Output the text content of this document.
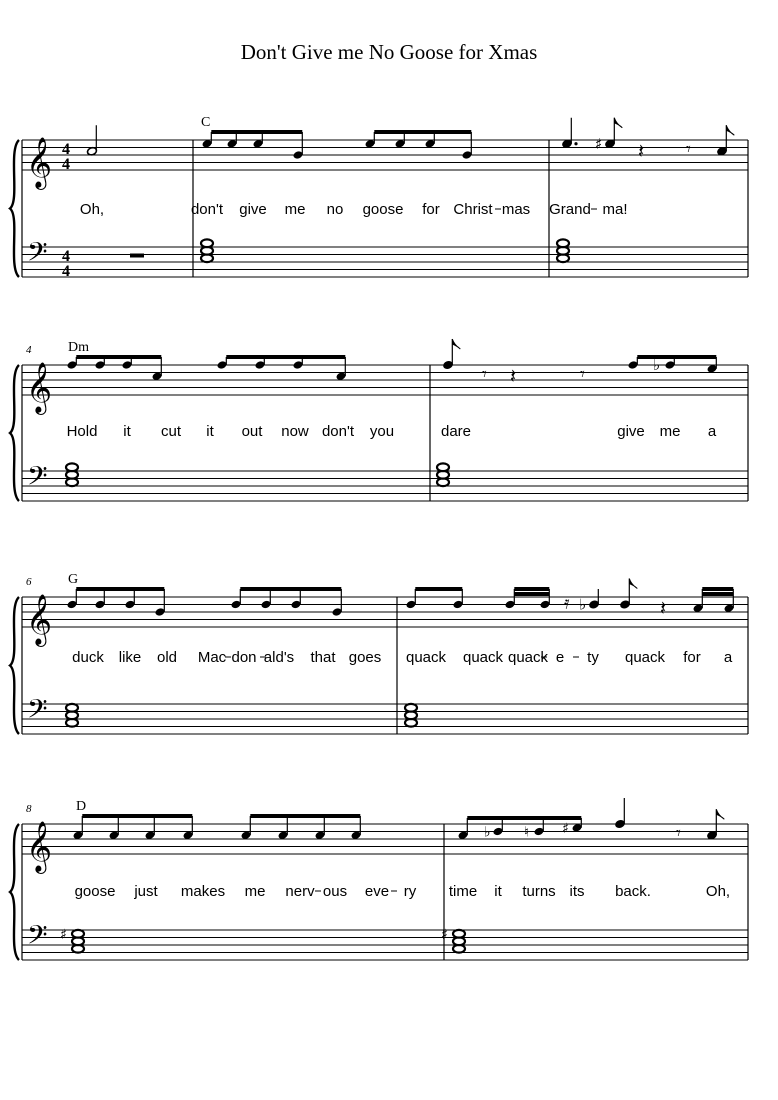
Don't Give me No Goose for Xmas
𝄞
𝄢
4
4
4
4
C
Oh,	don't give me no goose for Christ mas Grand ma!
♯ 𝄽 𝄾
𝄞
𝄢
4	Dm
Hold it cut it out now don't you	dare	give me a
𝄾 𝄽	𝄾	♭
𝄞
𝄢
6	G
duck like old Mac don ald's that goes quack quack quack e ty quack for a
𝄿 ♭	𝄽
𝄞
𝄢
8	D
goose just makes me nerv ous eve ry time it turns its back.	Oh,
♭ ♮ ♯	𝄾
♯	♯
